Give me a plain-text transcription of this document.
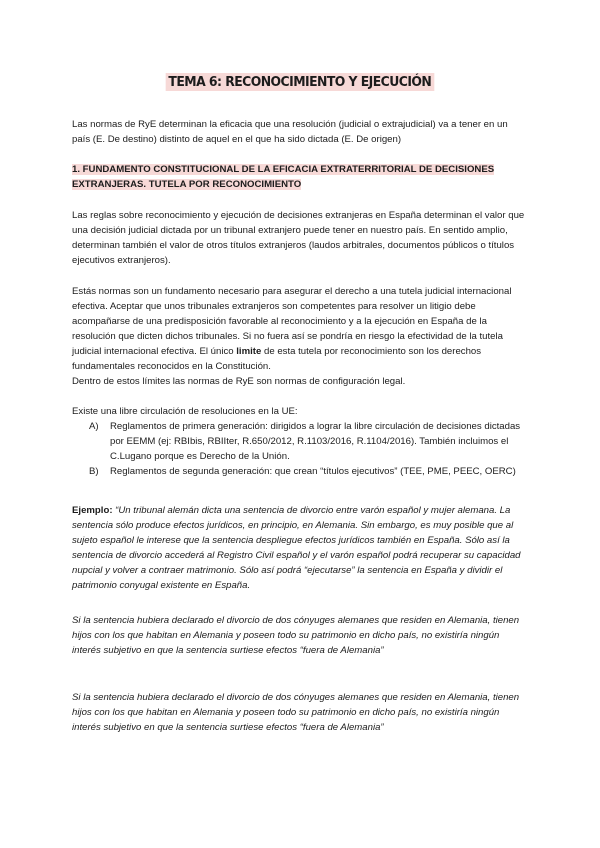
TEMA 6: RECONOCIMIENTO Y EJECUCIÓN

Las normas de RyE determinan la eficacia que una resolución (judicial o extrajudicial) va a tener en un país (E. De destino) distinto de aquel en el que ha sido dictada (E. De origen)

1. FUNDAMENTO CONSTITUCIONAL DE LA EFICACIA EXTRATERRITORIAL DE DECISIONES EXTRANJERAS. TUTELA POR RECONOCIMIENTO

Las reglas sobre reconocimiento y ejecución de decisiones extranjeras en España determinan el valor que una decisión judicial dictada por un tribunal extranjero puede tener en nuestro país. En sentido amplio, determinan también el valor de otros títulos extranjeros (laudos arbitrales, documentos públicos o títulos ejecutivos extranjeros).

Estás normas son un fundamento necesario para asegurar el derecho a una tutela judicial internacional efectiva. Aceptar que unos tribunales extranjeros son competentes para resolver un litigio debe acompañarse de una predisposición favorable al reconocimiento y a la ejecución en España de la resolución que dicten dichos tribunales. Si no fuera así se pondría en riesgo la efectividad de la tutela judicial internacional efectiva. El único limite de esta tutela por reconocimiento son los derechos fundamentales reconocidos en la Constitución.

Dentro de estos límites las normas de RyE son normas de configuración legal.

Existe una libre circulación de resoluciones en la UE:

A) Reglamentos de primera generación: dirigidos a lograr la libre circulación de decisiones dictadas por EEMM (ej: RBIbis, RBIIter, R.650/2012, R.1103/2016, R.1104/2016). También incluimos el C.Lugano porque es Derecho de la Unión.
B) Reglamentos de segunda generación: que crean “títulos ejecutivos” (TEE, PME, PEEC, OERC)

Ejemplo: “Un tribunal alemán dicta una sentencia de divorcio entre varón español y mujer alemana. La sentencia sólo produce efectos jurídicos, en principio, en Alemania. Sin embargo, es muy posible que al sujeto español le interese que la sentencia despliegue efectos jurídicos también en España. Sólo así la sentencia de divorcio accederá al Registro Civil español y el varón español podrá recuperar su capacidad nupcial y volver a contraer matrimonio. Sólo así podrá “ejecutarse” la sentencia en España y dividir el patrimonio conyugal existente en España.

Si la sentencia hubiera declarado el divorcio de dos cónyuges alemanes que residen en Alemania, tienen hijos con los que habitan en Alemania y poseen todo su patrimonio en dicho país, no existiría ningún interés subjetivo en que la sentencia surtiese efectos “fuera de Alemania”

Si la sentencia hubiera declarado el divorcio de dos cónyuges alemanes que residen en Alemania, tienen hijos con los que habitan en Alemania y poseen todo su patrimonio en dicho país, no existiría ningún interés subjetivo en que la sentencia surtiese efectos “fuera de Alemania”
